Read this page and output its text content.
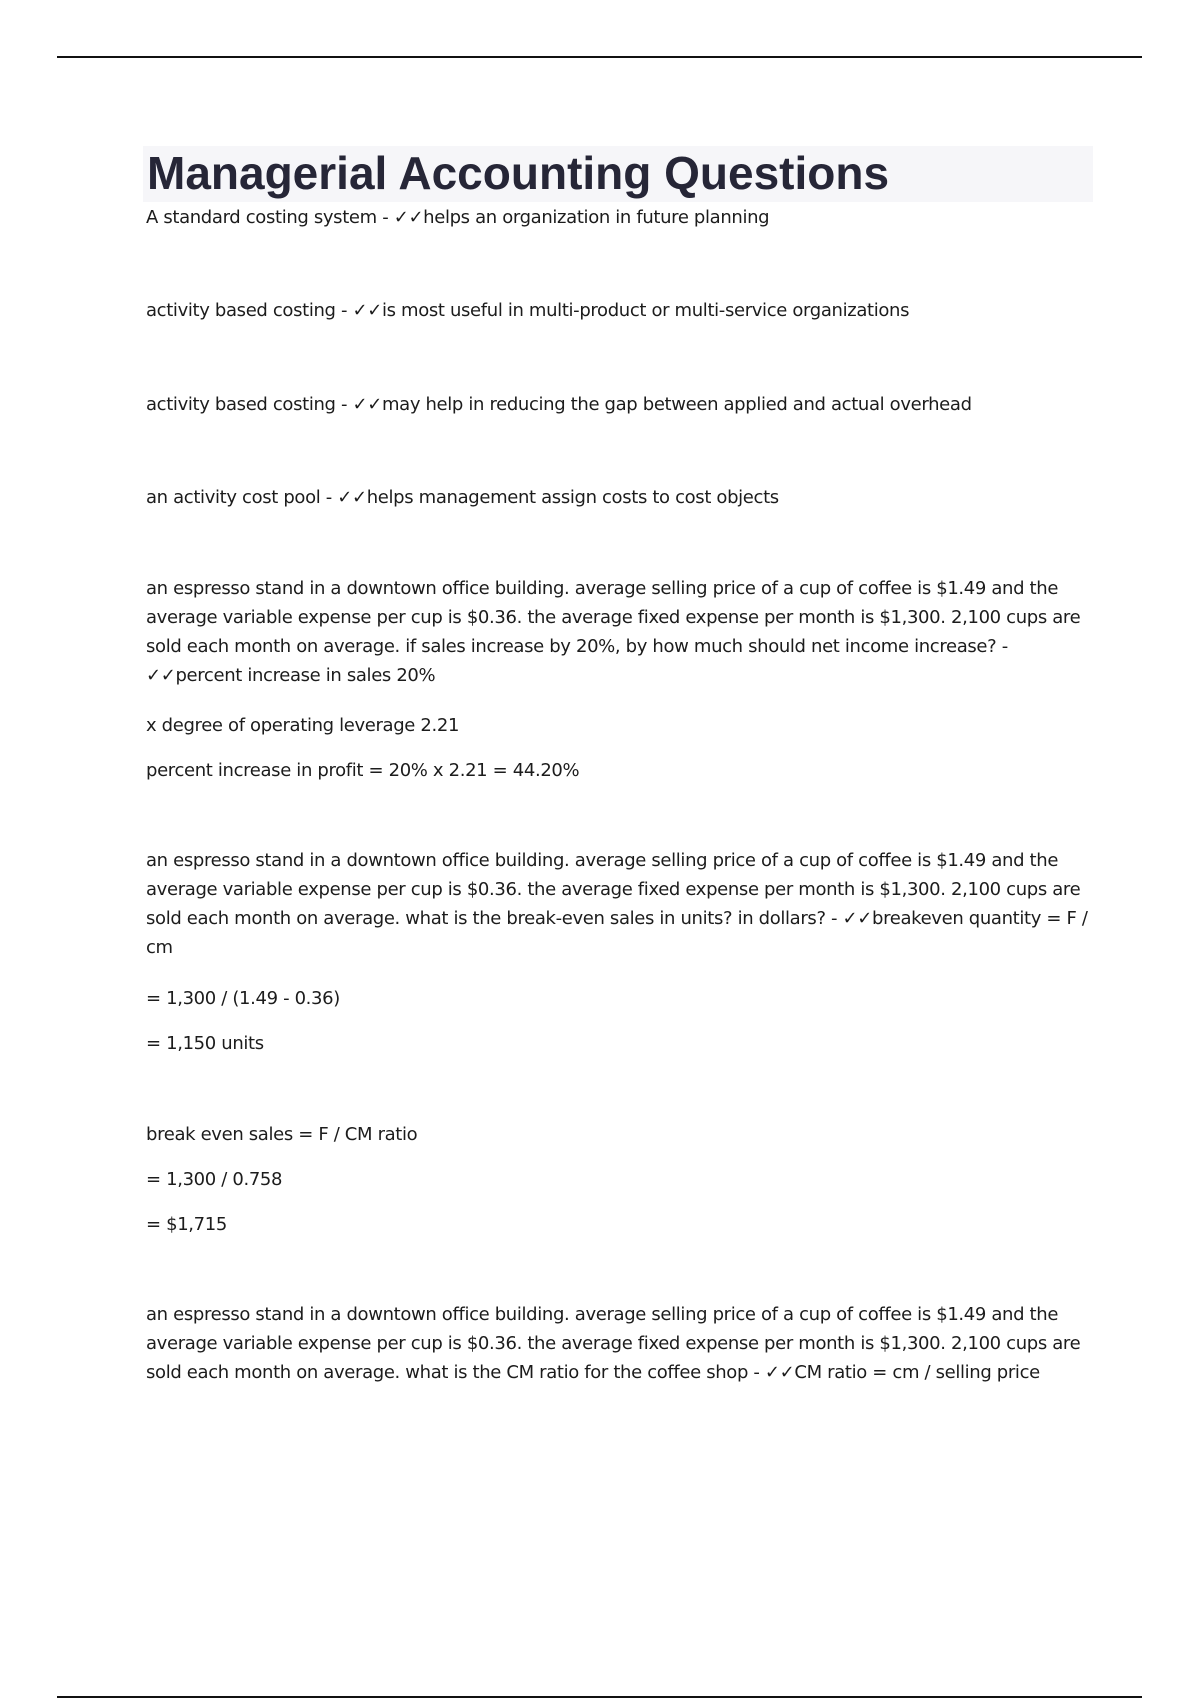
Managerial Accounting Questions

A standard costing system - ✓✓helps an organization in future planning

activity based costing - ✓✓is most useful in multi-product or multi-service organizations

activity based costing - ✓✓may help in reducing the gap between applied and actual overhead

an activity cost pool - ✓✓helps management assign costs to cost objects

an espresso stand in a downtown office building. average selling price of a cup of coffee is $1.49 and the average variable expense per cup is $0.36. the average fixed expense per month is $1,300. 2,100 cups are sold each month on average. if sales increase by 20%, by how much should net income increase? - ✓✓percent increase in sales 20%

x degree of operating leverage 2.21

percent increase in profit = 20% x 2.21 = 44.20%

an espresso stand in a downtown office building. average selling price of a cup of coffee is $1.49 and the average variable expense per cup is $0.36. the average fixed expense per month is $1,300. 2,100 cups are sold each month on average. what is the break-even sales in units? in dollars? - ✓✓breakeven quantity = F / cm

= 1,300 / (1.49 - 0.36)

= 1,150 units

break even sales = F / CM ratio

= 1,300 / 0.758

= $1,715

an espresso stand in a downtown office building. average selling price of a cup of coffee is $1.49 and the average variable expense per cup is $0.36. the average fixed expense per month is $1,300. 2,100 cups are sold each month on average. what is the CM ratio for the coffee shop - ✓✓CM ratio = cm / selling price
